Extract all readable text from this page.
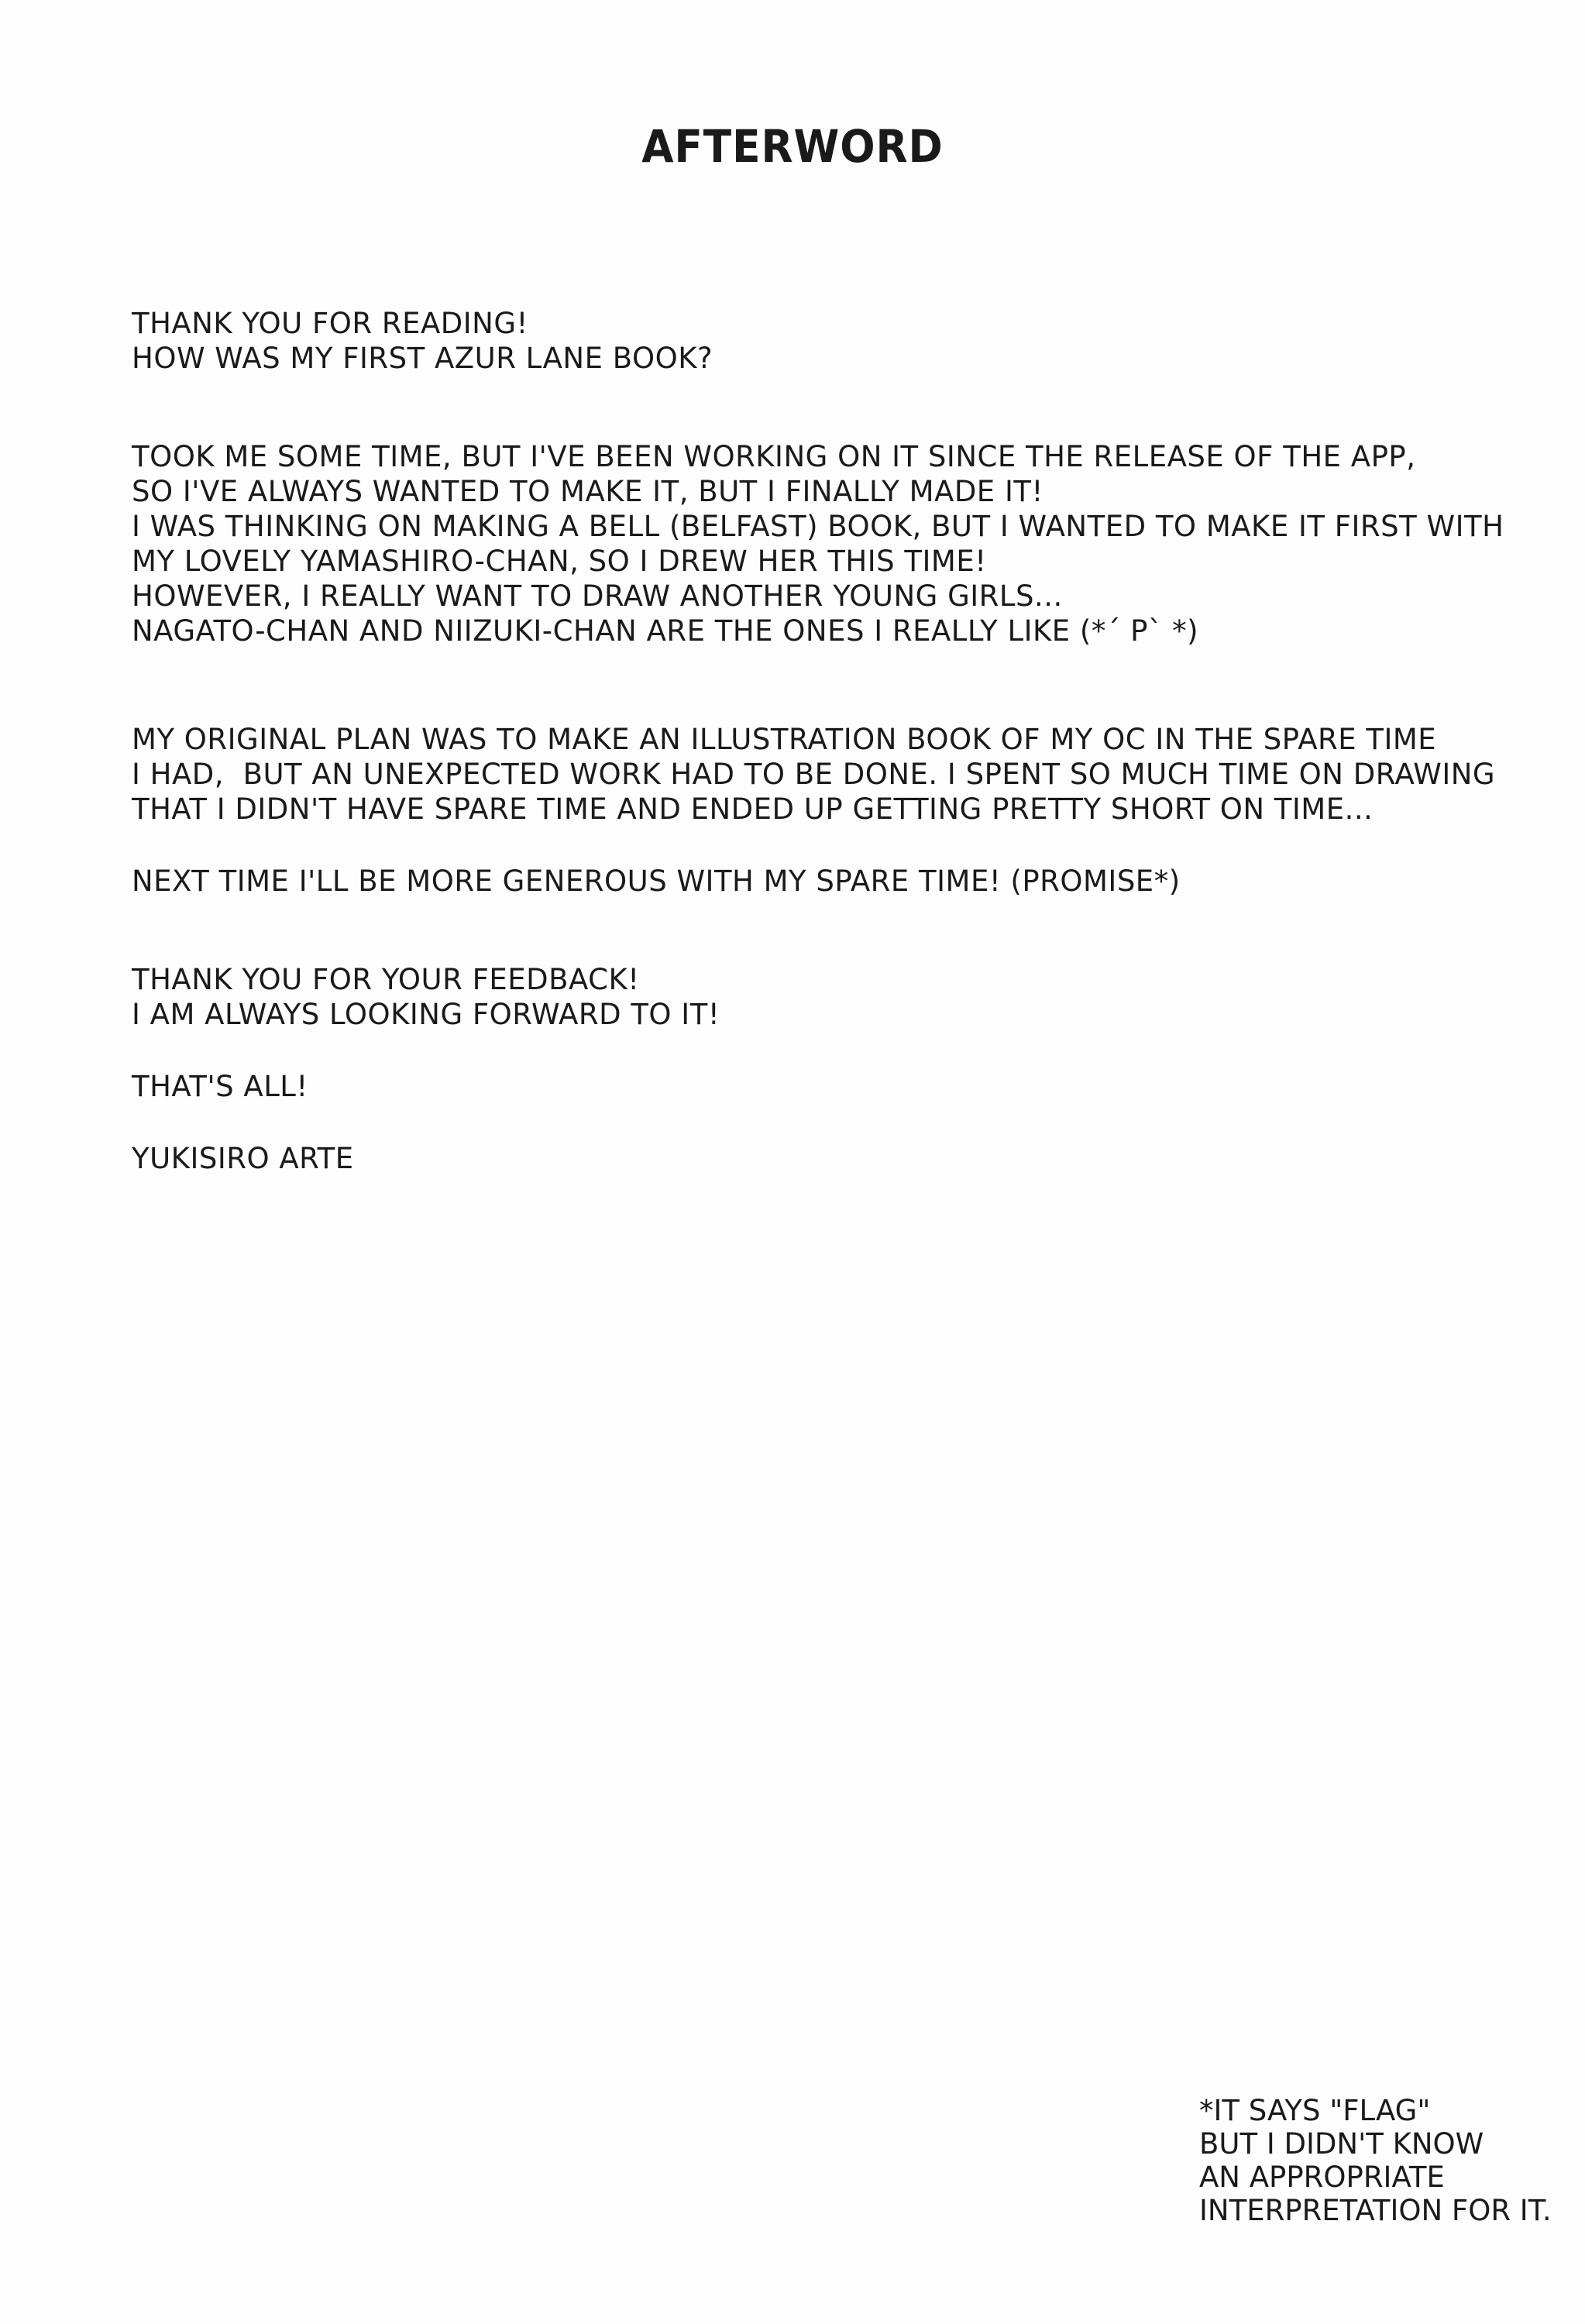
AFTERWORD
THANK YOU FOR READING!
HOW WAS MY FIRST AZUR LANE BOOK?
TOOK ME SOME TIME, BUT I'VE BEEN WORKING ON IT SINCE THE RELEASE OF THE APP,
SO I'VE ALWAYS WANTED TO MAKE IT, BUT I FINALLY MADE IT!
I WAS THINKING ON MAKING A BELL (BELFAST) BOOK, BUT I WANTED TO MAKE IT FIRST WITH
MY LOVELY YAMASHIRO-CHAN, SO I DREW HER THIS TIME!
HOWEVER, I REALLY WANT TO DRAW ANOTHER YOUNG GIRLS...
NAGATO-CHAN AND NIIZUKI-CHAN ARE THE ONES I REALLY LIKE (*´ P` *)
MY ORIGINAL PLAN WAS TO MAKE AN ILLUSTRATION BOOK OF MY OC IN THE SPARE TIME
I HAD,  BUT AN UNEXPECTED WORK HAD TO BE DONE. I SPENT SO MUCH TIME ON DRAWING
THAT I DIDN'T HAVE SPARE TIME AND ENDED UP GETTING PRETTY SHORT ON TIME...
NEXT TIME I'LL BE MORE GENEROUS WITH MY SPARE TIME! (PROMISE*)
THANK YOU FOR YOUR FEEDBACK!
I AM ALWAYS LOOKING FORWARD TO IT!
THAT'S ALL!
YUKISIRO ARTE
*IT SAYS "FLAG"
BUT I DIDN'T KNOW
AN APPROPRIATE
INTERPRETATION FOR IT.
